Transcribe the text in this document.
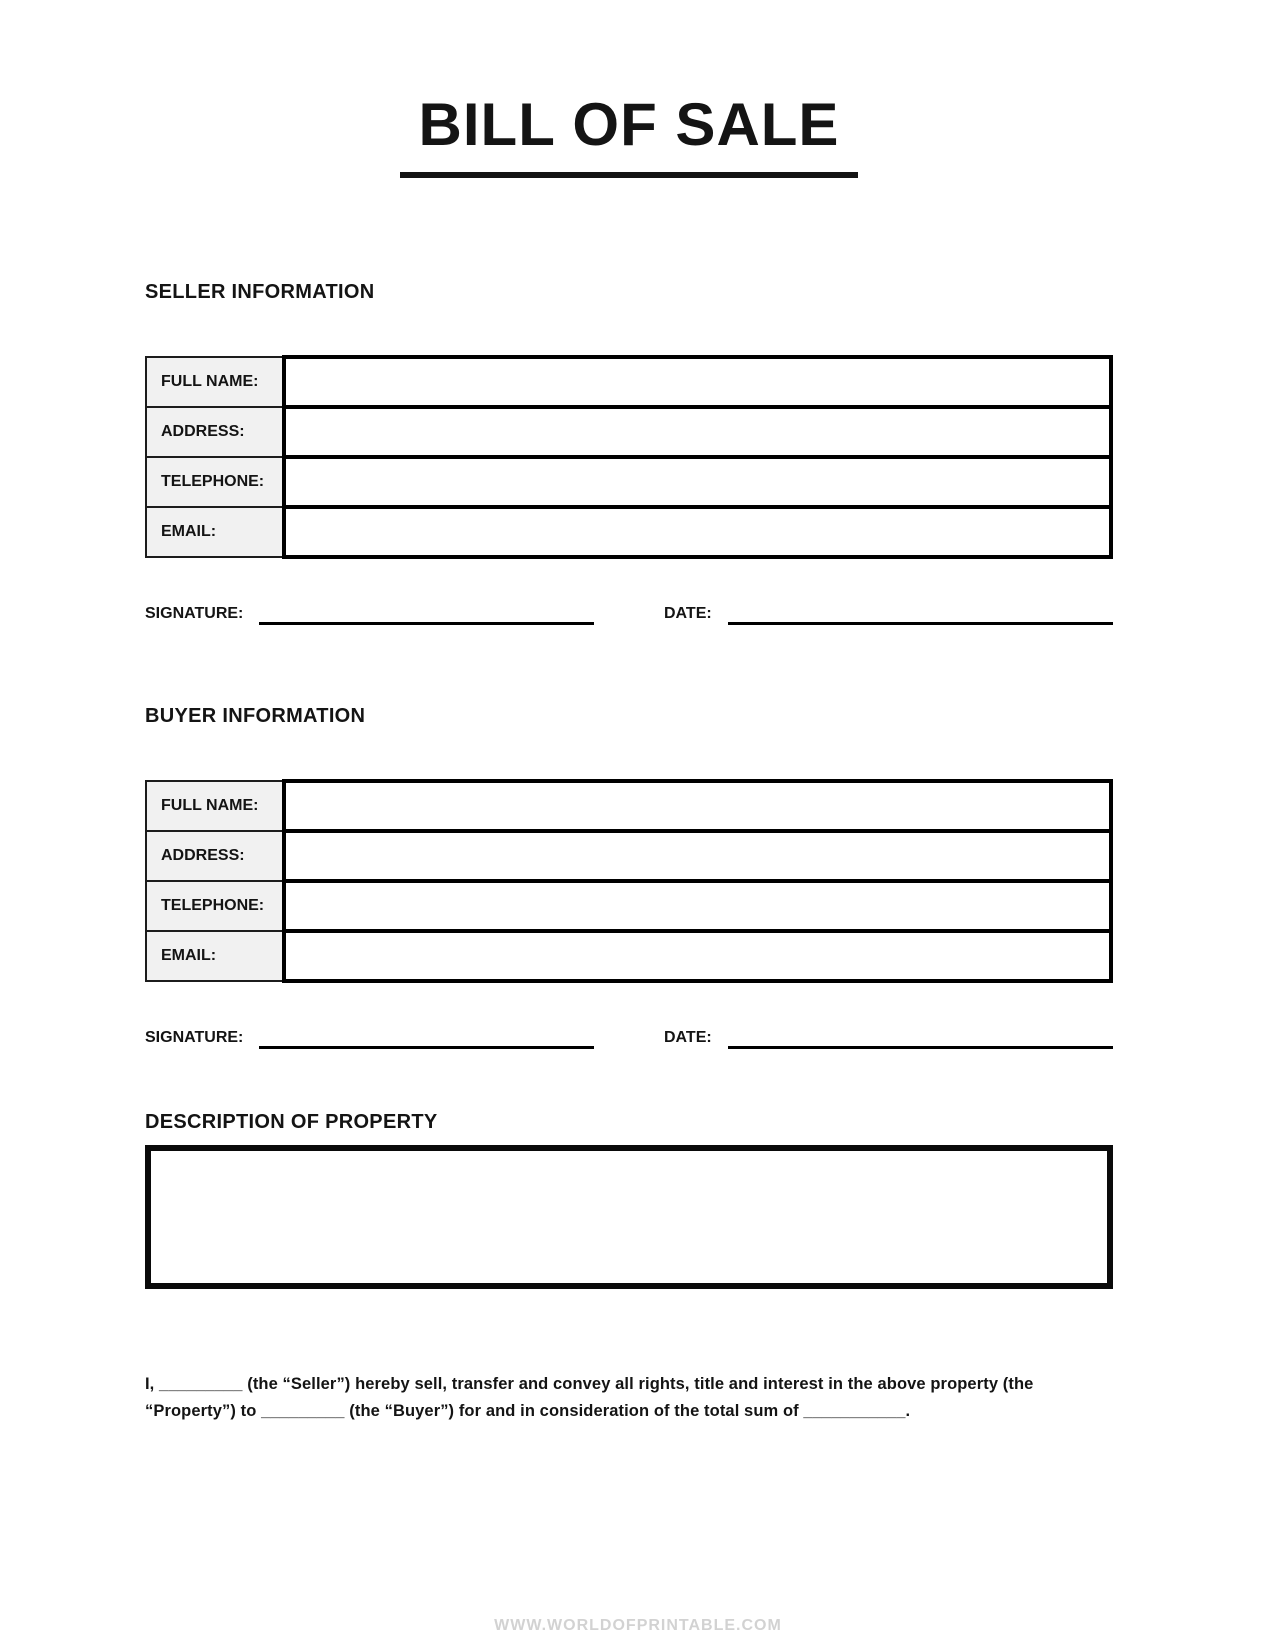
BILL OF SALE
SELLER INFORMATION
FULL NAME:	
ADDRESS:	
TELEPHONE:	
EMAIL:	
SIGNATURE:	DATE:
BUYER INFORMATION
FULL NAME:	
ADDRESS:	
TELEPHONE:	
EMAIL:	
SIGNATURE:	DATE:
DESCRIPTION OF PROPERTY

I, _________ (the “Seller”) hereby sell, transfer and convey all rights, title and interest in the above property (the “Property”) to _________ (the “Buyer”) for and in consideration of the total sum of ___________.

WWW.WORLDOFPRINTABLE.COM
